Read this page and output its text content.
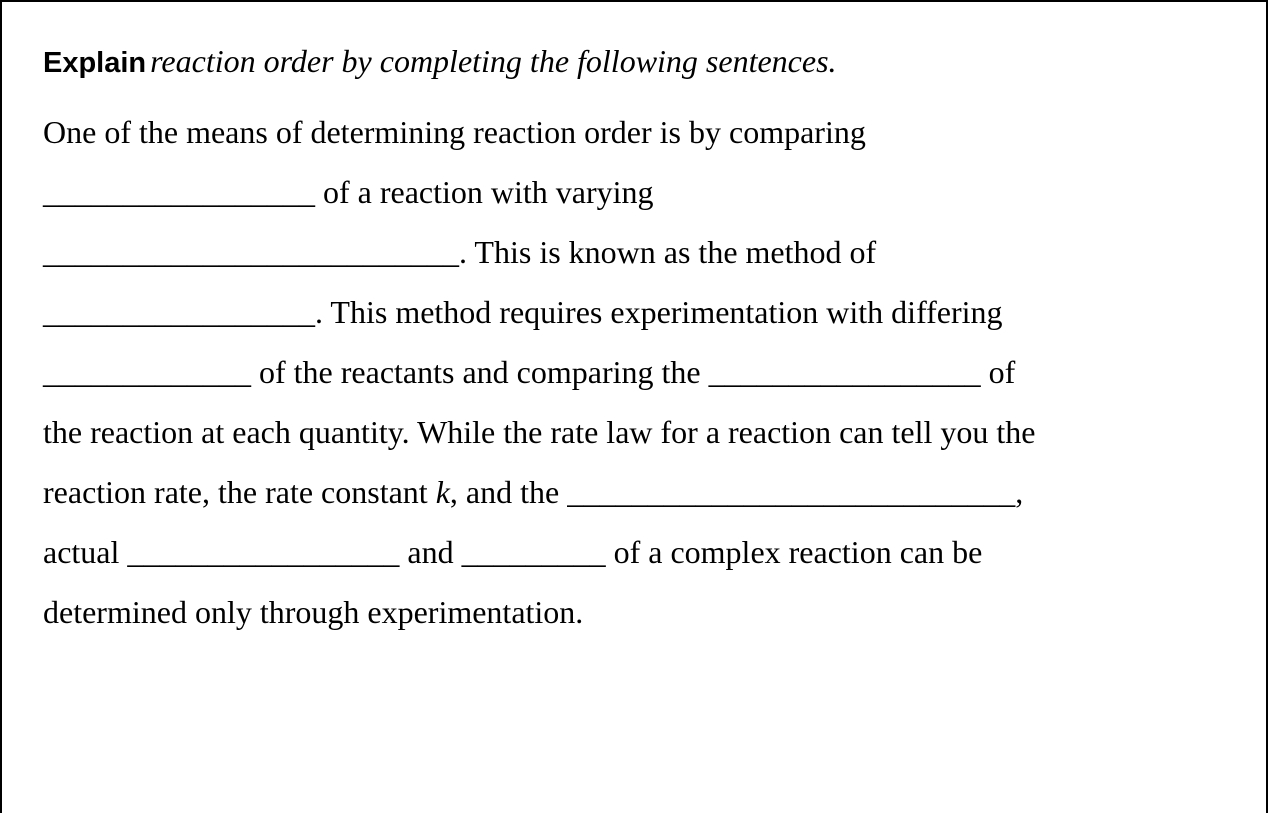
Explain reaction order by completing the following sentences.

One of the means of determining reaction order is by comparing
_________________ of a reaction with varying
__________________________. This is known as the method of
_________________. This method requires experimentation with differing
_____________ of the reactants and comparing the _________________ of
the reaction at each quantity. While the rate law for a reaction can tell you the
reaction rate, the rate constant k, and the ____________________________,
actual _________________ and _________ of a complex reaction can be
determined only through experimentation.
